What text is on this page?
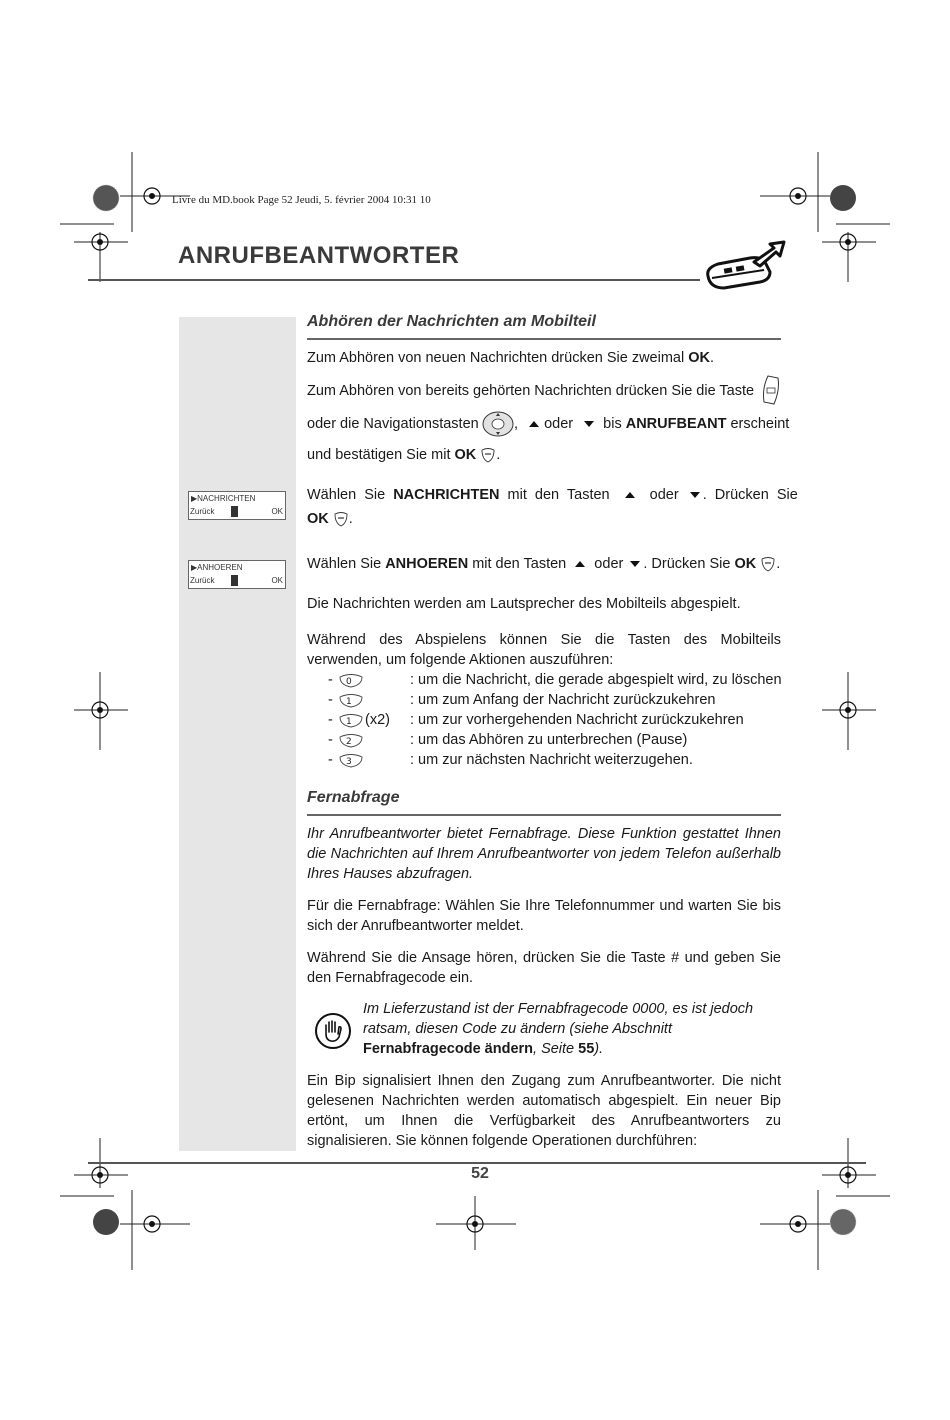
Livre du MD.book Page 52 Jeudi, 5. février 2004 10:31 10
ANRUFBEANTWORTER
Abhören der Nachrichten am Mobilteil
Zum Abhören von neuen Nachrichten drücken Sie zweimal OK.
Zum Abhören von bereits gehörten Nachrichten drücken Sie die Taste
oder die Navigationstasten	, oder bis ANRUFBEANT erscheint
und bestätigen Sie mit OK .
▶NACHRICHTEN
Zurück	OK
Wählen Sie NACHRICHTEN mit den Tasten  oder . Drücken Sie
OK .
▶ANHOEREN
Zurück	OK
Wählen Sie ANHOEREN mit den Tasten  oder . Drücken Sie OK .
Die Nachrichten werden am Lautsprecher des Mobilteils abgespielt.
Während des Abspielens können Sie die Tasten des Mobilteils verwenden, um folgende Aktionen auszuführen:
- 0	: um die Nachricht, die gerade abgespielt wird, zu löschen
- 1	: um zum Anfang der Nachricht zurückzukehren
- 1 (x2) : um zur vorhergehenden Nachricht zurückzukehren
- 2	: um das Abhören zu unterbrechen (Pause)
- 3	: um zur nächsten Nachricht weiterzugehen.
Fernabfrage
Ihr Anrufbeantworter bietet Fernabfrage. Diese Funktion gestattet Ihnen die Nachrichten auf Ihrem Anrufbeantworter von jedem Telefon außerhalb Ihres Hauses abzufragen.
Für die Fernabfrage: Wählen Sie Ihre Telefonnummer und warten Sie bis sich der Anrufbeantworter meldet.
Während Sie die Ansage hören, drücken Sie die Taste # und geben Sie den Fernabfragecode ein.
Im Lieferzustand ist der Fernabfragecode 0000, es ist jedoch ratsam, diesen Code zu ändern (siehe Abschnitt Fernabfragecode ändern, Seite 55).
Ein Bip signalisiert Ihnen den Zugang zum Anrufbeantworter. Die nicht gelesenen Nachrichten werden automatisch abgespielt. Ein neuer Bip ertönt, um Ihnen die Verfügbarkeit des Anrufbeantworters zu signalisieren. Sie können folgende Operationen durchführen:
52
